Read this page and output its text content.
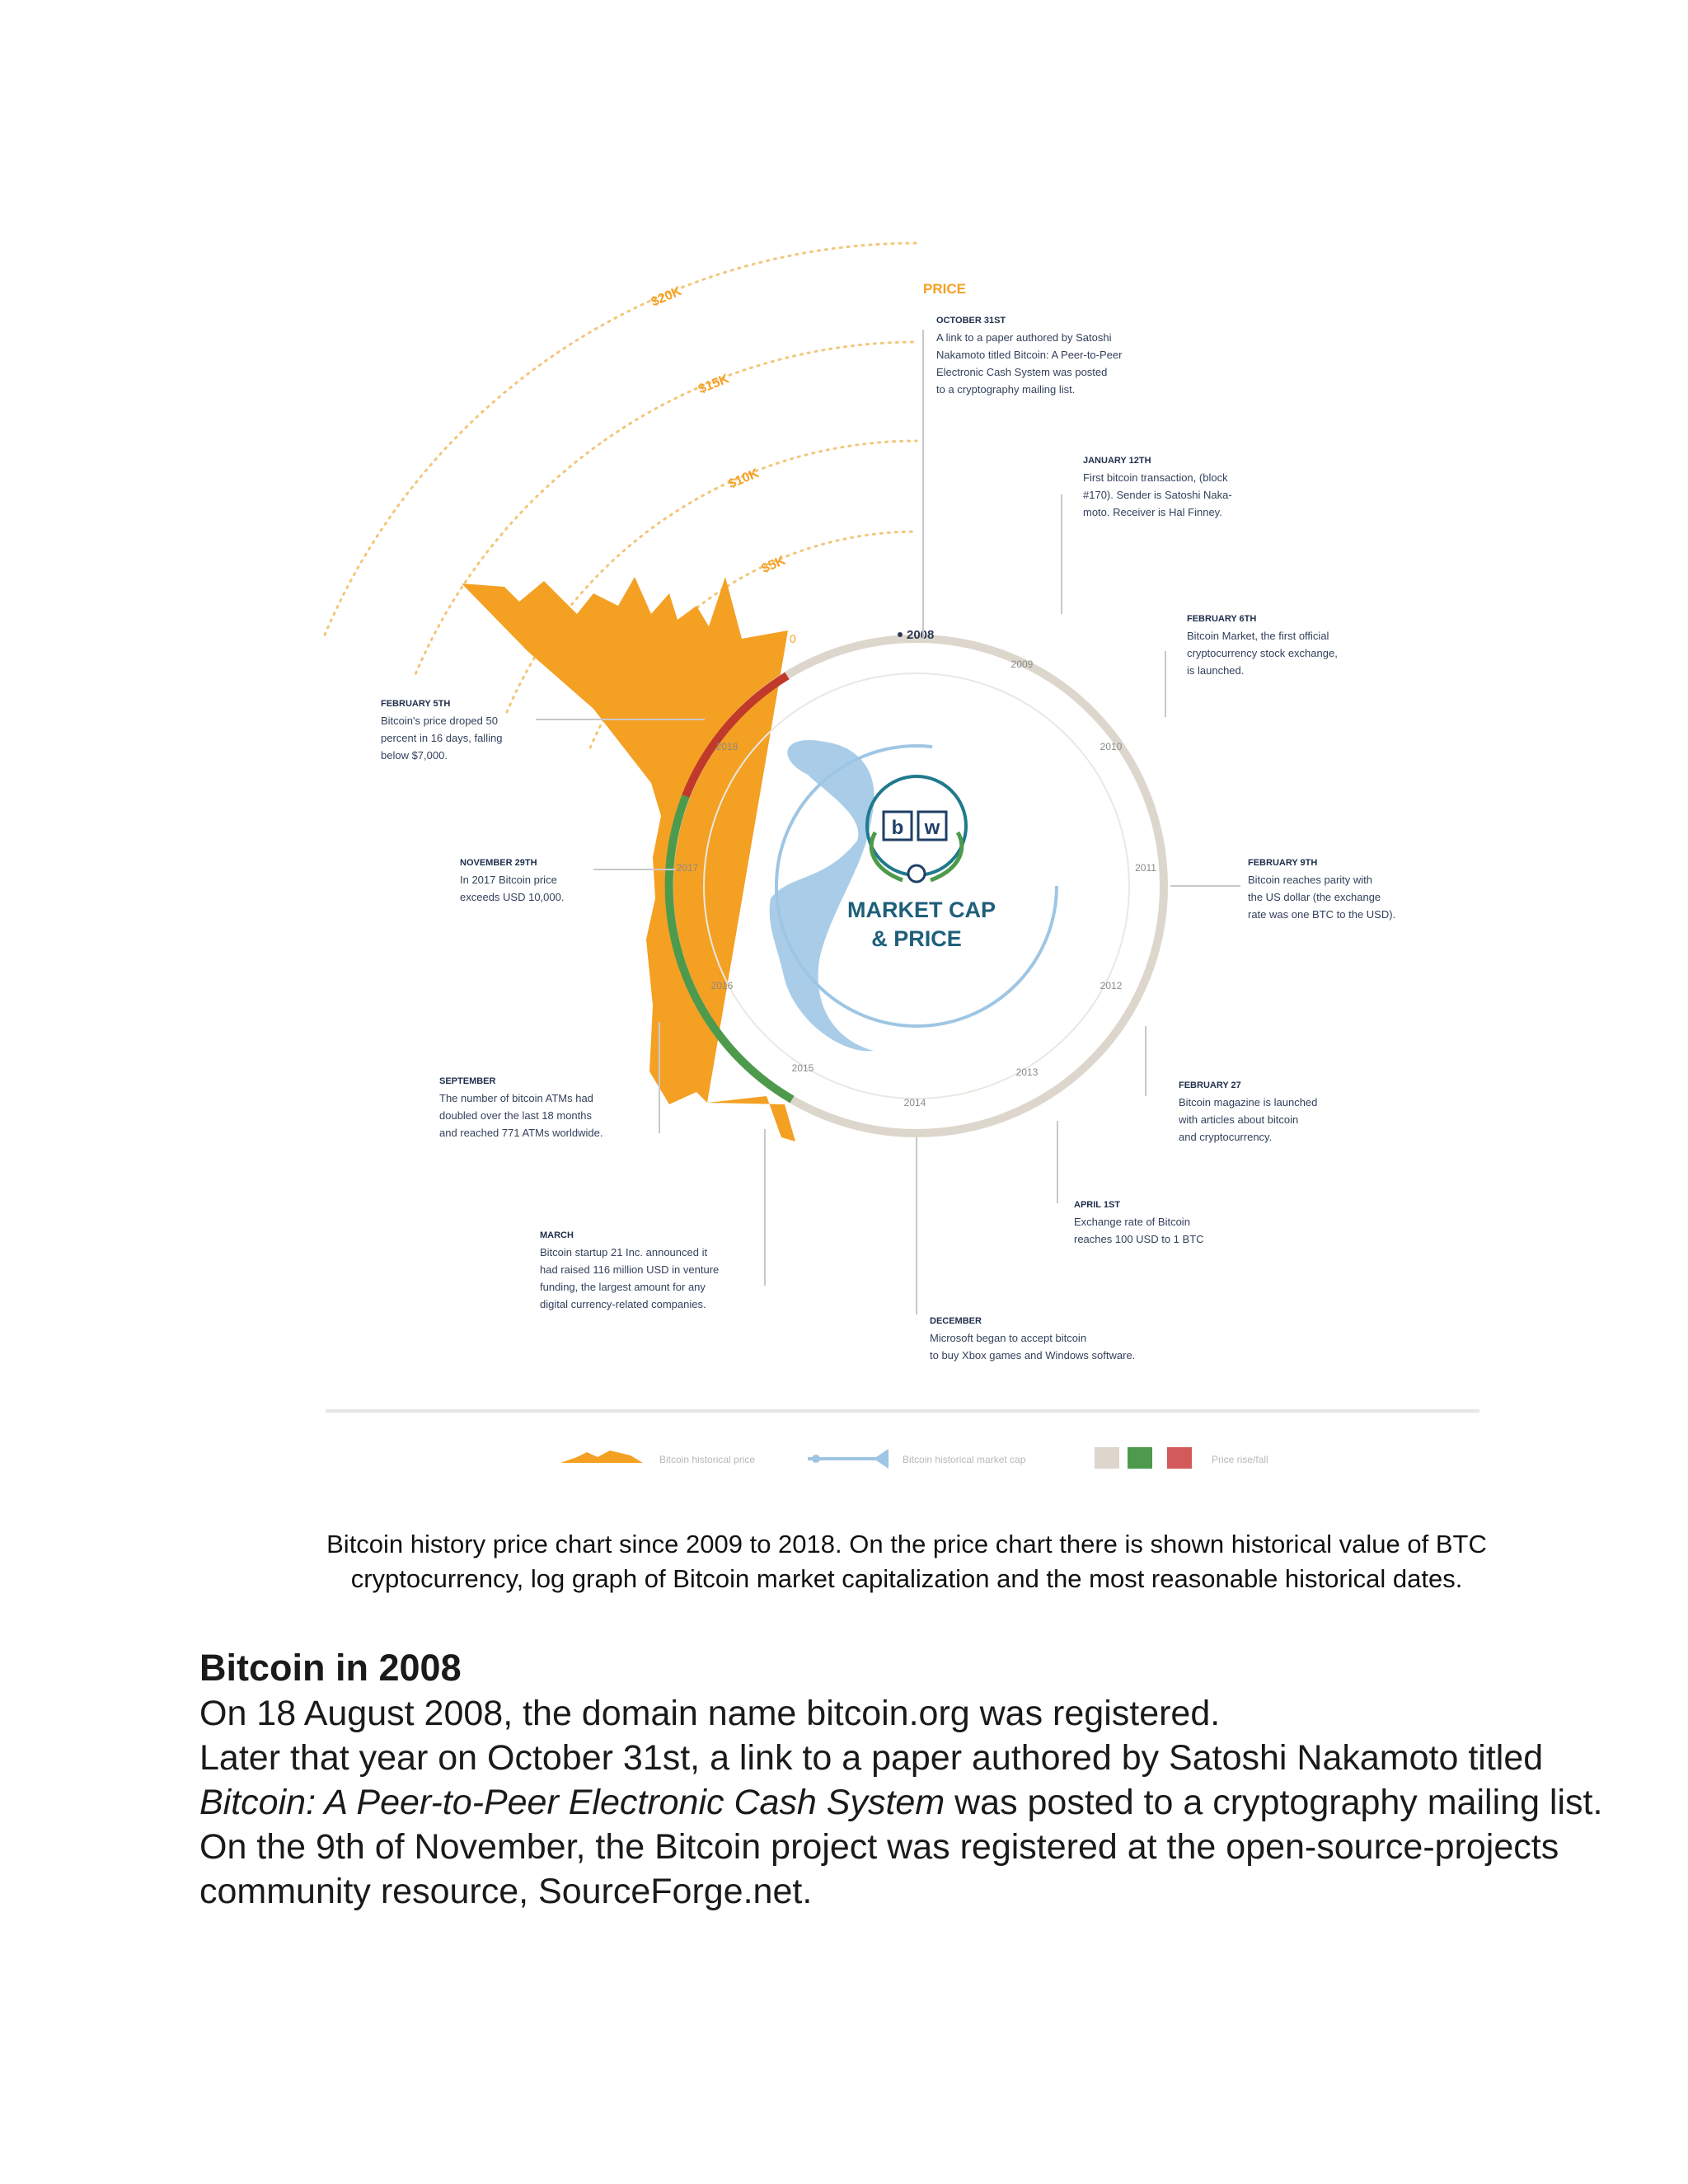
$5K
$10K
$15K
$20K
0
PRICE
2008
2009
2010
2011
2012
2013
2014
2015
2016
2017
2018
b w
MARKET CAP
& PRICE
OCTOBER 31ST
A link to a paper authored by Satoshi
Nakamoto titled Bitcoin: A Peer-to-Peer
Electronic Cash System was posted
to a cryptography mailing list.
JANUARY 12TH
First bitcoin transaction, (block
#170). Sender is Satoshi Naka-
moto. Receiver is Hal Finney.
FEBRUARY 6TH
Bitcoin Market, the first official
cryptocurrency stock exchange,
is launched.
FEBRUARY 9TH
Bitcoin reaches parity with
the US dollar (the exchange
rate was one BTC to the USD).
FEBRUARY 27
Bitcoin magazine is launched
with articles about bitcoin
and cryptocurrency.
APRIL 1ST
Exchange rate of Bitcoin
reaches 100 USD to 1 BTC
DECEMBER
Microsoft began to accept bitcoin
to buy Xbox games and Windows software.
MARCH
Bitcoin startup 21 Inc. announced it
had raised 116 million USD in venture
funding, the largest amount for any
digital currency-related companies.
SEPTEMBER
The number of bitcoin ATMs had
doubled over the last 18 months
and reached 771 ATMs worldwide.
NOVEMBER 29TH
In 2017 Bitcoin price
exceeds USD 10,000.
FEBRUARY 5TH
Bitcoin's price droped 50
percent in 16 days, falling
below $7,000.
Bitcoin historical price	Bitcoin historical market cap	Price rise/fall
Bitcoin history price chart since 2009 to 2018. On the price chart there is shown historical value of BTC
cryptocurrency, log graph of Bitcoin market capitalization and the most reasonable historical dates.
Bitcoin in 2008

On 18 August 2008, the domain name bitcoin.org was registered.

Later that year on October 31st, a link to a paper authored by Satoshi Nakamoto titled Bitcoin: A Peer-to-Peer Electronic Cash System was posted to a cryptography mailing list.

On the 9th of November, the Bitcoin project was registered at the open-source-projects community resource, SourceForge.net.
